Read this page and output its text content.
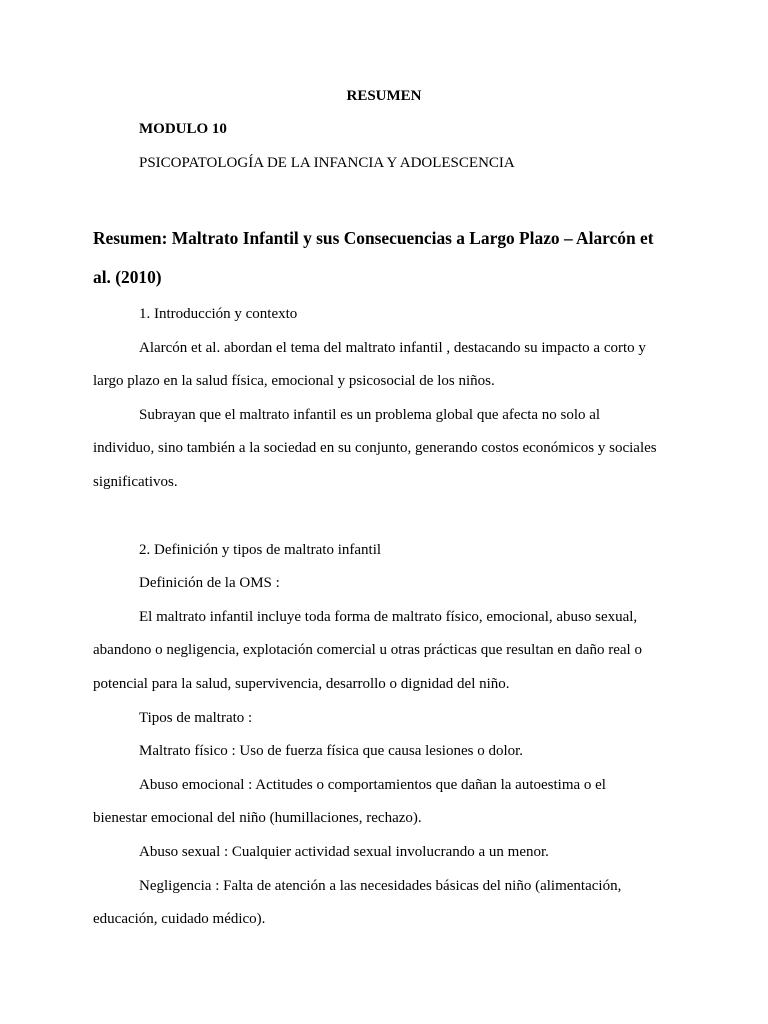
RESUMEN
MODULO 10
PSICOPATOLOGÍA DE LA INFANCIA Y ADOLESCENCIA
Resumen: Maltrato Infantil y sus Consecuencias a Largo Plazo – Alarcón et
al. (2010)
1. Introducción y contexto
Alarcón et al. abordan el tema del maltrato infantil , destacando su impacto a corto y
largo plazo en la salud física, emocional y psicosocial de los niños.
Subrayan que el maltrato infantil es un problema global que afecta no solo al
individuo, sino también a la sociedad en su conjunto, generando costos económicos y sociales
significativos.
2. Definición y tipos de maltrato infantil
Definición de la OMS :
El maltrato infantil incluye toda forma de maltrato físico, emocional, abuso sexual,
abandono o negligencia, explotación comercial u otras prácticas que resultan en daño real o
potencial para la salud, supervivencia, desarrollo o dignidad del niño.
Tipos de maltrato :
Maltrato físico : Uso de fuerza física que causa lesiones o dolor.
Abuso emocional : Actitudes o comportamientos que dañan la autoestima o el
bienestar emocional del niño (humillaciones, rechazo).
Abuso sexual : Cualquier actividad sexual involucrando a un menor.
Negligencia : Falta de atención a las necesidades básicas del niño (alimentación,
educación, cuidado médico).
